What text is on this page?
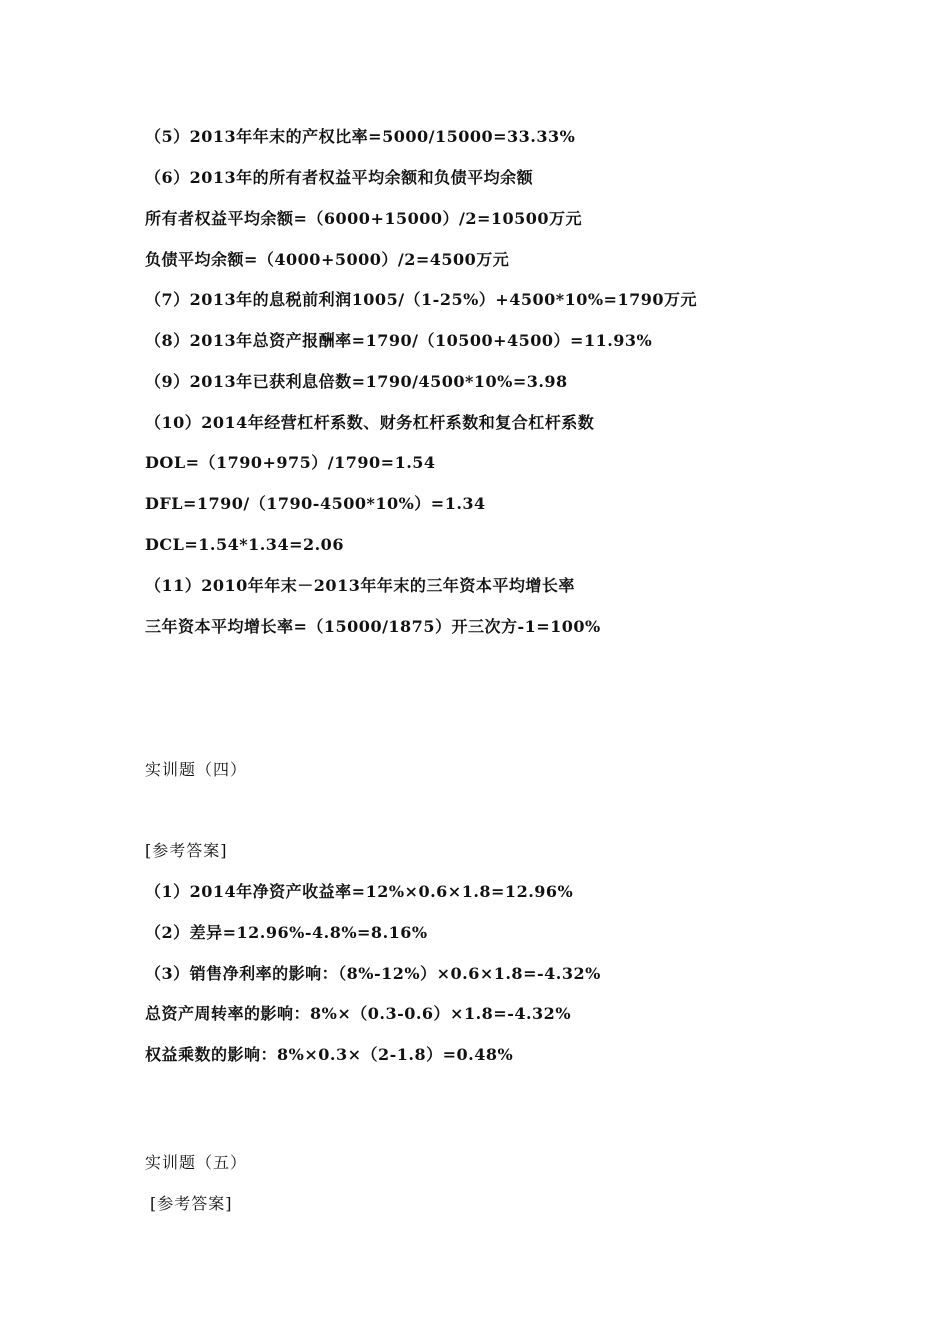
（5）2013年年末的产权比率=5000/15000=33.33%
（6）2013年的所有者权益平均余额和负债平均余额
所有者权益平均余额=（6000+15000）/2=10500万元
负债平均余额=（4000+5000）/2=4500万元
（7）2013年的息税前利润1005/（1-25%）+4500*10%=1790万元
（8）2013年总资产报酬率=1790/（10500+4500）=11.93%
（9）2013年已获利息倍数=1790/4500*10%=3.98
（10）2014年经营杠杆系数、财务杠杆系数和复合杠杆系数
DOL=（1790+975）/1790=1.54
DFL=1790/（1790-4500*10%）=1.34
DCL=1.54*1.34=2.06
（11）2010年年末－2013年年末的三年资本平均增长率
三年资本平均增长率=（15000/1875）开三次方-1=100%
实训题（四）
[参考答案]
（1）2014年净资产收益率=12%×0.6×1.8=12.96%
（2）差异=12.96%-4.8%=8.16%
（3）销售净利率的影响：（8%-12%）×0.6×1.8=-4.32%
总资产周转率的影响：8%×（0.3-0.6）×1.8=-4.32%
权益乘数的影响：8%×0.3×（2-1.8）=0.48%
实训题（五）
[参考答案]
